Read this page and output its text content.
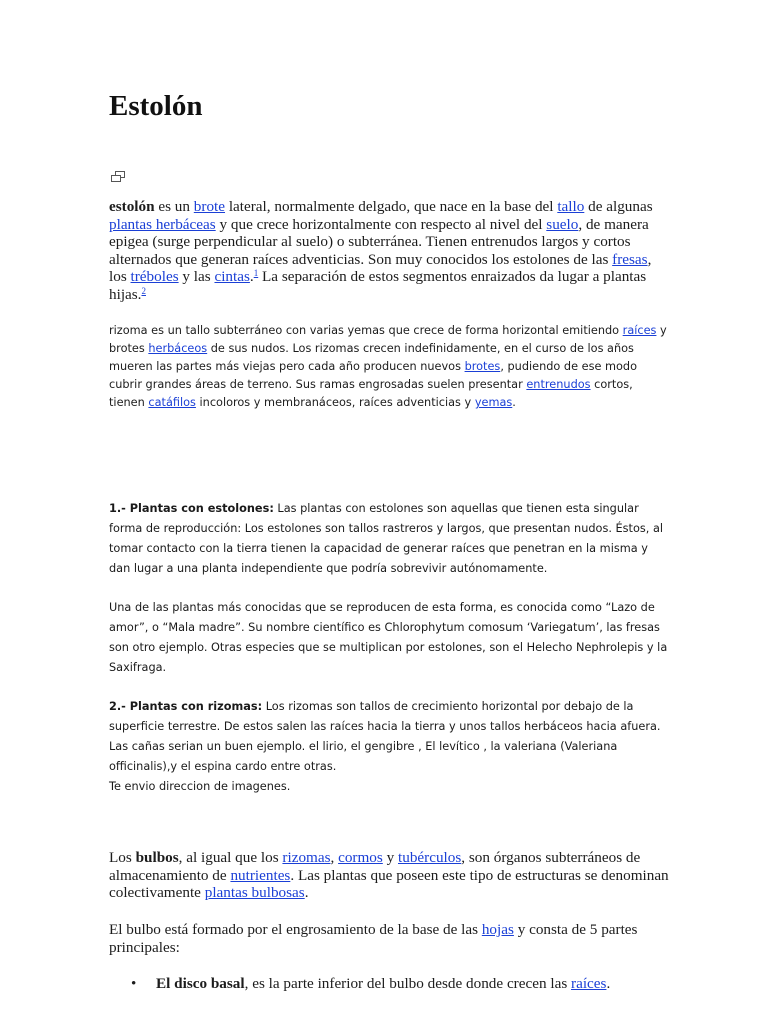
Estolón

estolón es un brote lateral, normalmente delgado, que nace en la base del tallo de algunas plantas herbáceas y que crece horizontalmente con respecto al nivel del suelo, de manera epigea (surge perpendicular al suelo) o subterránea. Tienen entrenudos largos y cortos alternados que generan raíces adventicias. Son muy conocidos los estolones de las fresas, los tréboles y las cintas.$^1$ La separación de estos segmentos enraizados da lugar a plantas hijas.$^2$

rizoma es un tallo subterráneo con varias yemas que crece de forma horizontal emitiendo raíces y brotes herbáceos de sus nudos. Los rizomas crecen indefinidamente, en el curso de los años mueren las partes más viejas pero cada año producen nuevos brotes, pudiendo de ese modo cubrir grandes áreas de terreno. Sus ramas engrosadas suelen presentar entrenudos cortos, tienen catáfilos incoloros y membranáceos, raíces adventicias y yemas.

1.- Plantas con estolones: Las plantas con estolones son aquellas que tienen esta singular forma de reproducción: Los estolones son tallos rastreros y largos, que presentan nudos. Éstos, al tomar contacto con la tierra tienen la capacidad de generar raíces que penetran en la misma y dan lugar a una planta independiente que podría sobrevivir autónomamente.

Una de las plantas más conocidas que se reproducen de esta forma, es conocida como “Lazo de amor”, o “Mala madre”. Su nombre científico es Chlorophytum comosum ‘Variegatum’, las fresas son otro ejemplo. Otras especies que se multiplican por estolones, son el Helecho Nephrolepis y la Saxifraga.

2.- Plantas con rizomas: Los rizomas son tallos de crecimiento horizontal por debajo de la superficie terrestre. De estos salen las raíces hacia la tierra y unos tallos herbáceos hacia afuera. Las cañas serian un buen ejemplo. el lirio, el gengibre , El levítico , la valeriana (Valeriana officinalis),y el espina cardo entre otras.
Te envio direccion de imagenes.

Los bulbos, al igual que los rizomas, cormos y tubérculos, son órganos subterráneos de almacenamiento de nutrientes. Las plantas que poseen este tipo de estructuras se denominan colectivamente plantas bulbosas.

El bulbo está formado por el engrosamiento de la base de las hojas y consta de 5 partes principales:

• El disco basal, es la parte inferior del bulbo desde donde crecen las raíces.
